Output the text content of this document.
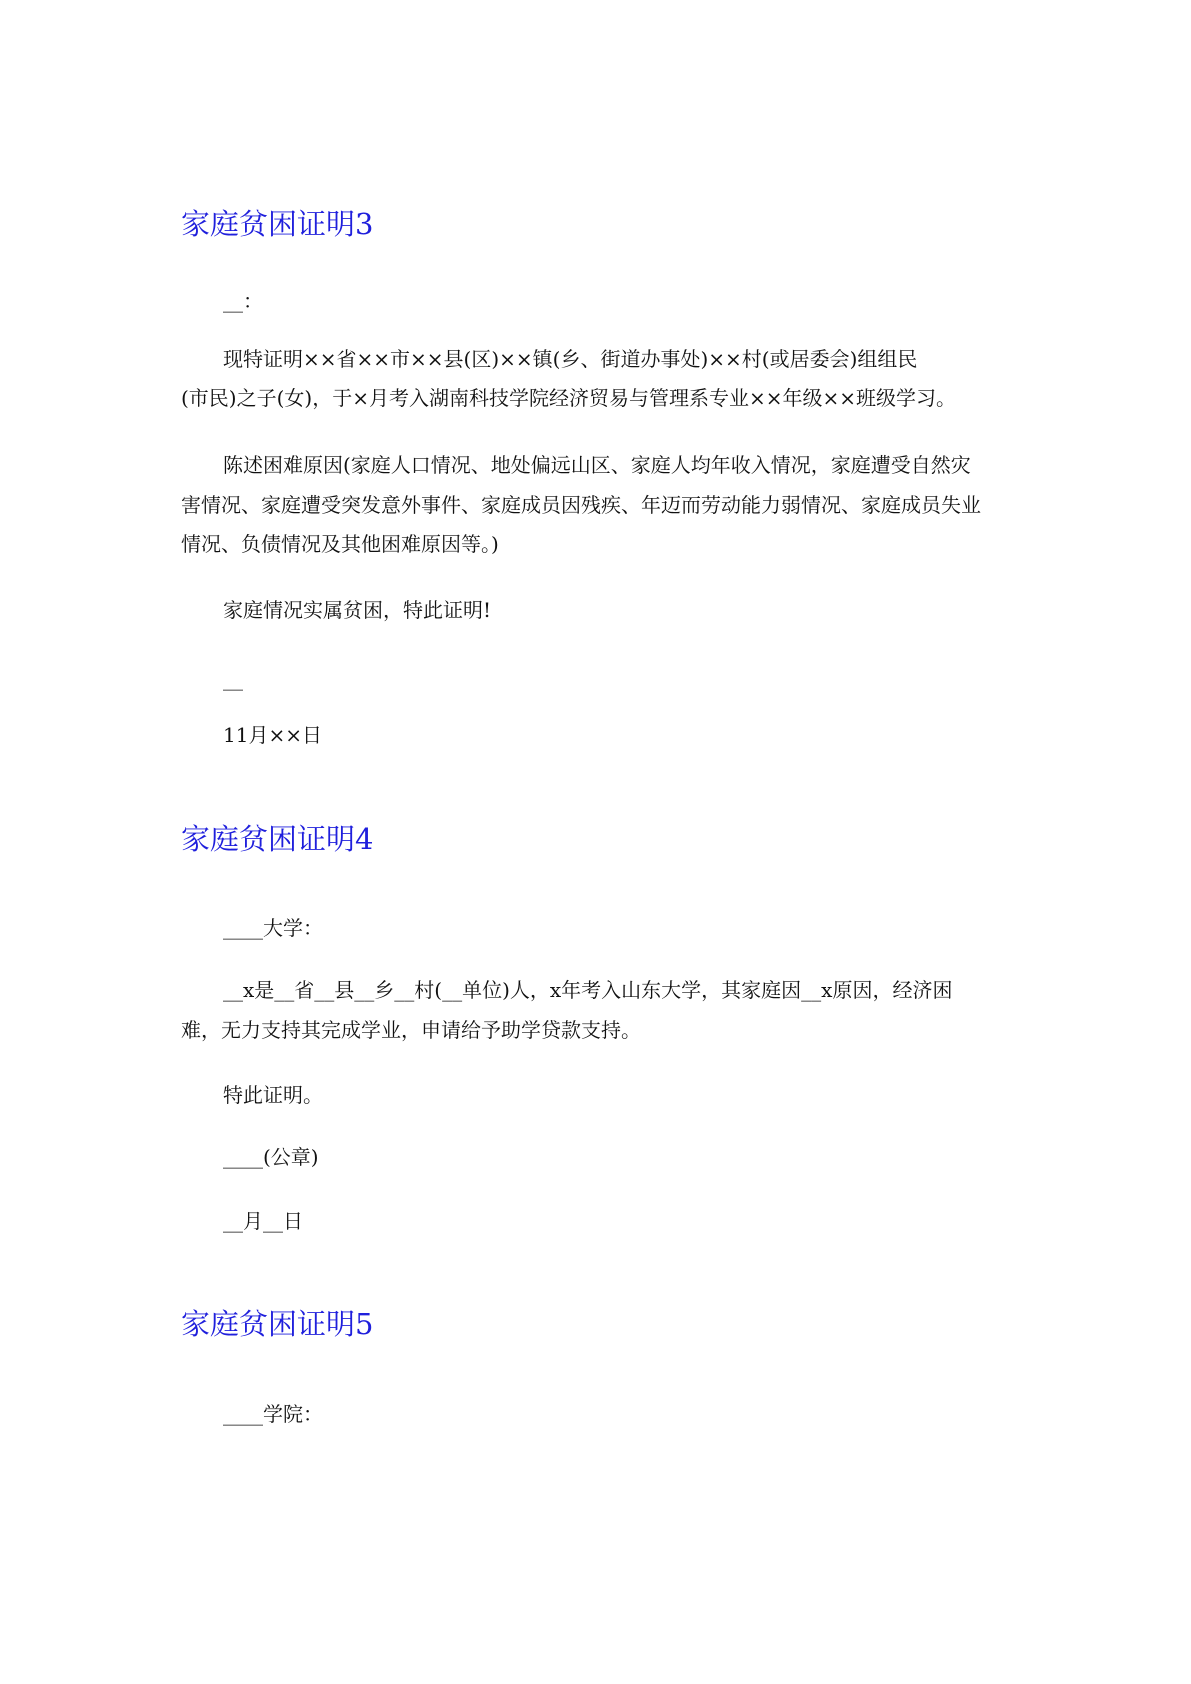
家庭贫困证明3

__：

现特证明××省××市××县(区)××镇(乡、街道办事处)××村(或居委会)组组民

(市民)之子(女)，于×月考入湖南科技学院经济贸易与管理系专业××年级××班级学习。

陈述困难原因(家庭人口情况、地处偏远山区、家庭人均年收入情况，家庭遭受自然灾

害情况、家庭遭受突发意外事件、家庭成员因残疾、年迈而劳动能力弱情况、家庭成员失业

情况、负债情况及其他困难原因等。)

家庭情况实属贫困，特此证明!

__

11月××日

家庭贫困证明4

____大学：

__x是__省__县__乡__村(__单位)人，x年考入山东大学，其家庭因__x原因，经济困

难，无力支持其完成学业，申请给予助学贷款支持。

特此证明。

____(公章)

__月__日

家庭贫困证明5

____学院：
